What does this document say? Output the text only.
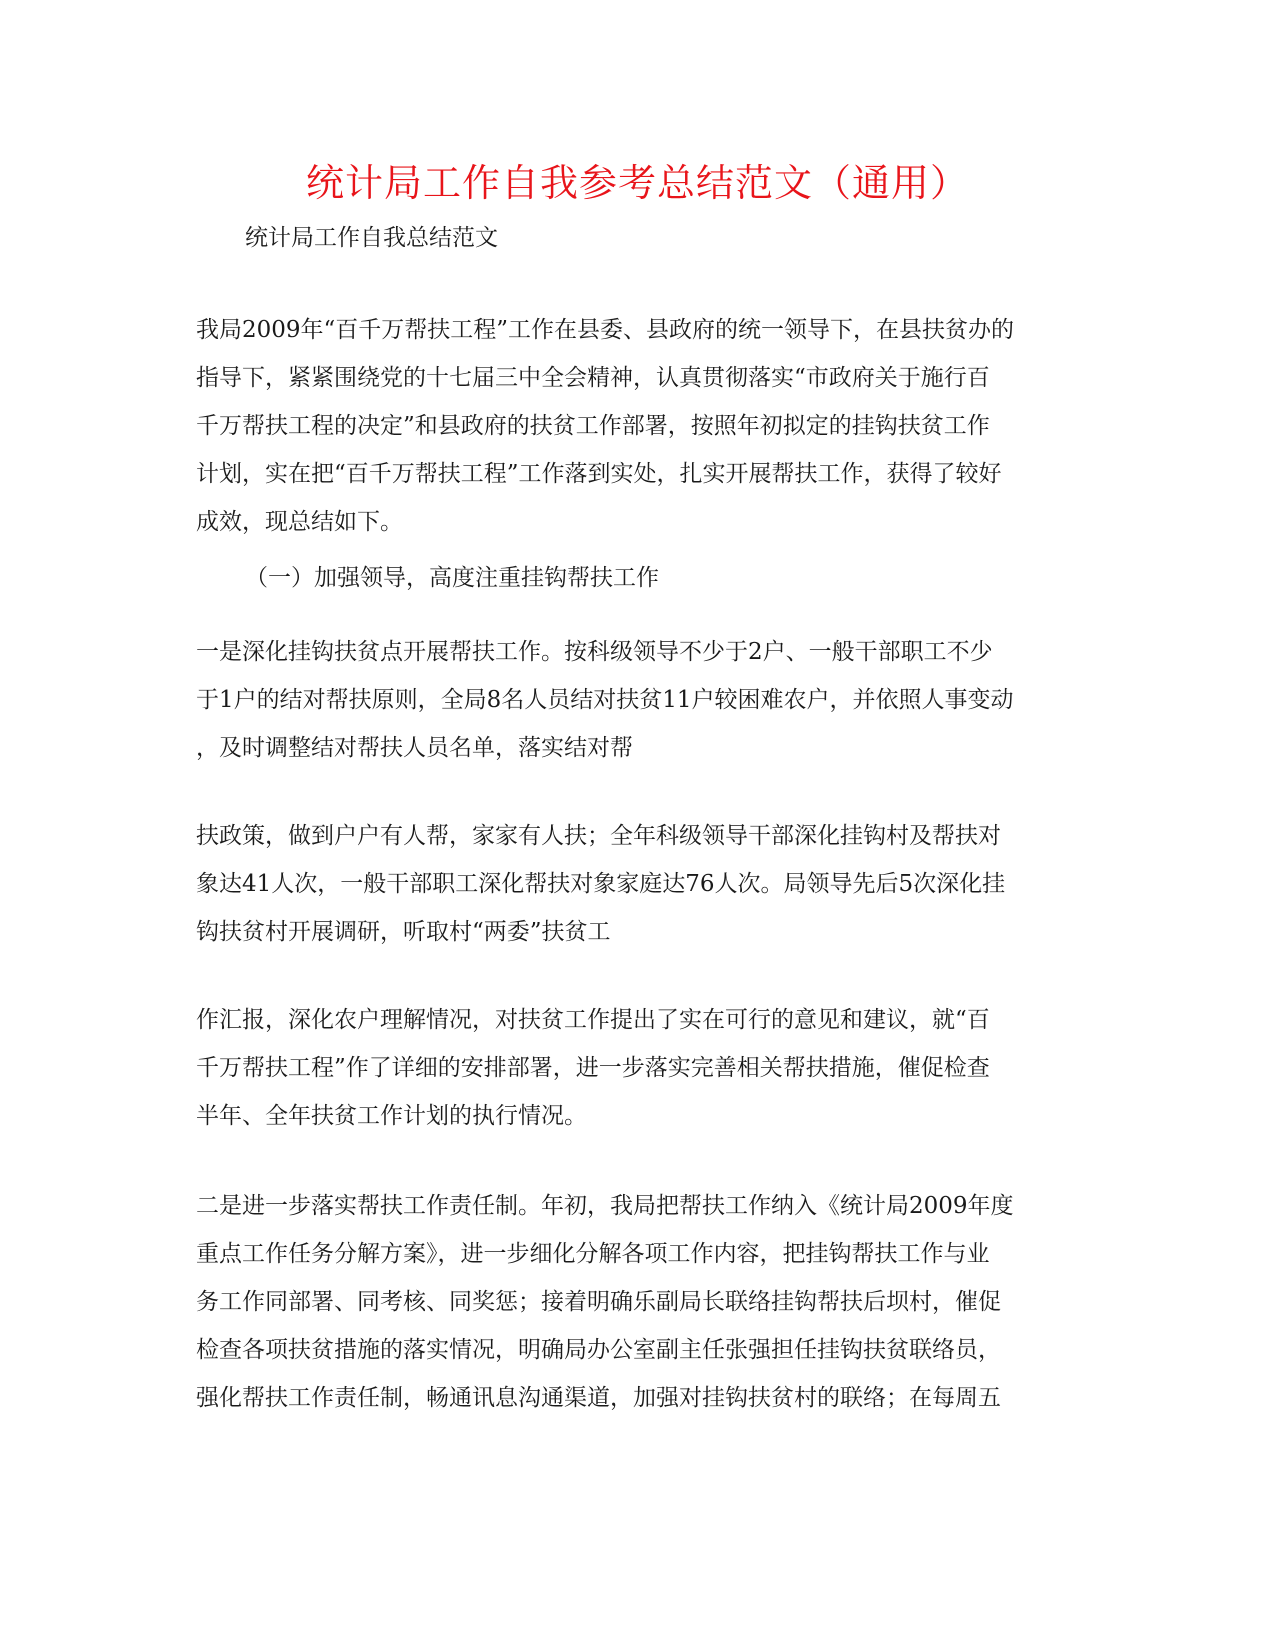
统计局工作自我参考总结范文（通用）
统计局工作自我总结范文
我局2009年“百千万帮扶工程”工作在县委、县政府的统一领导下，在县扶贫办的
指导下，紧紧围绕党的十七届三中全会精神，认真贯彻落实“市政府关于施行百
千万帮扶工程的决定”和县政府的扶贫工作部署，按照年初拟定的挂钩扶贫工作
计划，实在把“百千万帮扶工程”工作落到实处，扎实开展帮扶工作，获得了较好
成效，现总结如下。
（一）加强领导，高度注重挂钩帮扶工作
一是深化挂钩扶贫点开展帮扶工作。按科级领导不少于2户、一般干部职工不少
于1户的结对帮扶原则，全局8名人员结对扶贫11户较困难农户，并依照人事变动
，及时调整结对帮扶人员名单，落实结对帮
扶政策，做到户户有人帮，家家有人扶；全年科级领导干部深化挂钩村及帮扶对
象达41人次，一般干部职工深化帮扶对象家庭达76人次。局领导先后5次深化挂
钩扶贫村开展调研，听取村“两委”扶贫工
作汇报，深化农户理解情况，对扶贫工作提出了实在可行的意见和建议，就“百
千万帮扶工程”作了详细的安排部署，进一步落实完善相关帮扶措施，催促检查
半年、全年扶贫工作计划的执行情况。
二是进一步落实帮扶工作责任制。年初，我局把帮扶工作纳入《统计局2009年度
重点工作任务分解方案》，进一步细化分解各项工作内容，把挂钩帮扶工作与业
务工作同部署、同考核、同奖惩；接着明确乐副局长联络挂钩帮扶后坝村，催促
检查各项扶贫措施的落实情况，明确局办公室副主任张强担任挂钩扶贫联络员，
强化帮扶工作责任制，畅通讯息沟通渠道，加强对挂钩扶贫村的联络；在每周五
